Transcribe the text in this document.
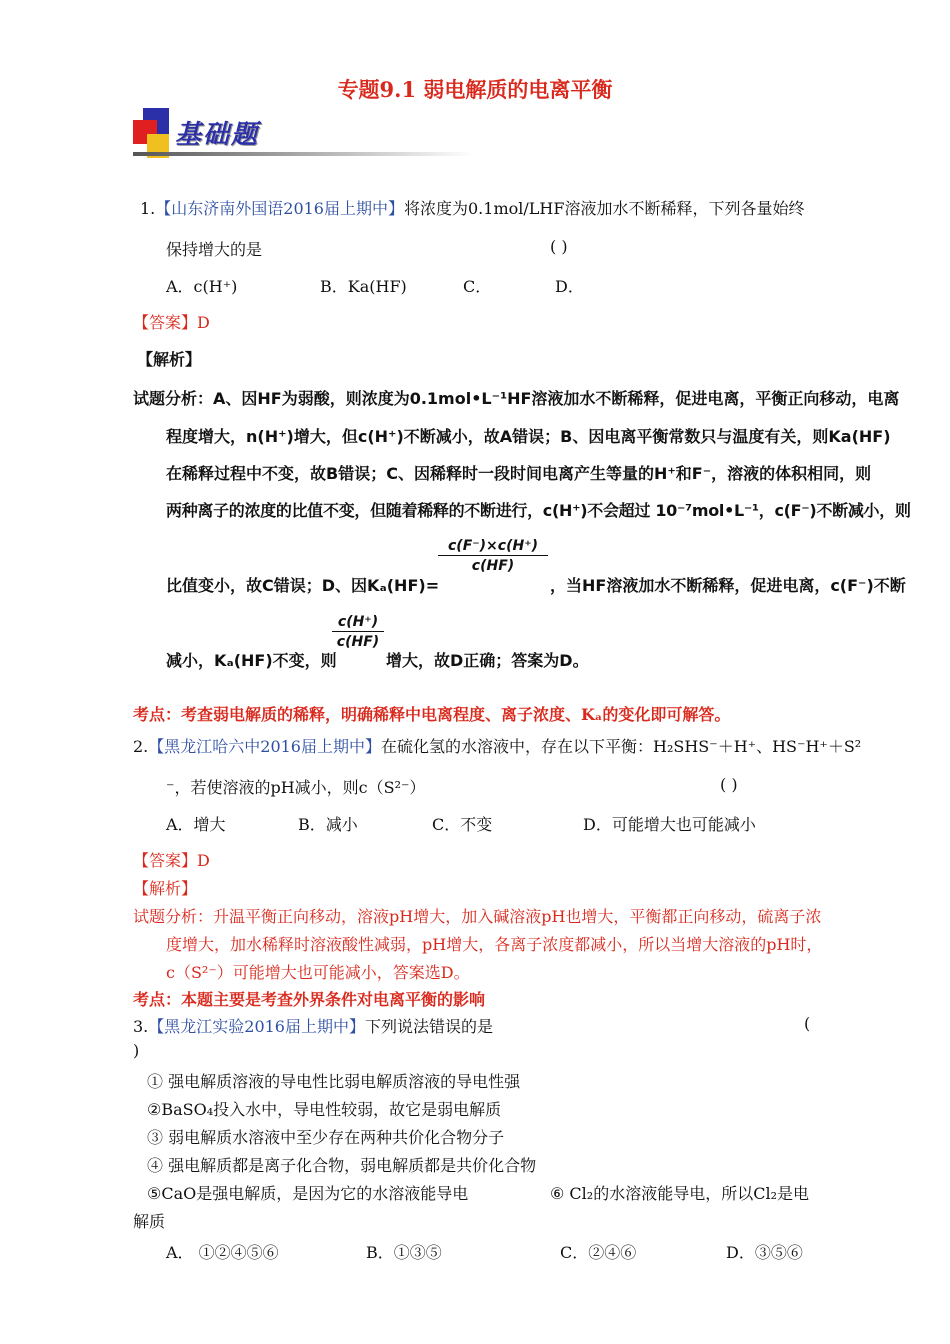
专题9.1 弱电解质的电离平衡
基础题
1.【山东济南外国语2016届上期中】将浓度为0.1mol/LHF溶液加水不断稀释，下列各量始终
保持增大的是	( )
A．c(H⁺)	B．Ka(HF)	C．	D．
【答案】D
【解析】
试题分析：A、因HF为弱酸，则浓度为0.1mol•L⁻¹HF溶液加水不断稀释，促进电离，平衡正向移动，电离
程度增大，n(H⁺)增大，但c(H⁺)不断减小，故A错误；B、因电离平衡常数只与温度有关，则Ka(HF)
在稀释过程中不变，故B错误；C、因稀释时一段时间电离产生等量的H⁺和F⁻，溶液的体积相同，则
两种离子的浓度的比值不变，但随着稀释的不断进行，c(H⁺)不会超过 10⁻⁷mol•L⁻¹，c(F⁻)不断减小，则
$\frac{c(F^-)\times c(H^+)}{c(HF)}$
比值变小，故C错误；D、因Kₐ(HF)=	，当HF溶液加水不断稀释，促进电离，c(F⁻)不断
$\frac{c(H^+)}{c(HF)}$
减小，Kₐ(HF)不变，则	增大，故D正确；答案为D。
考点：考查弱电解质的稀释，明确稀释中电离程度、离子浓度、Kₐ的变化即可解答。
2.【黑龙江哈六中2016届上期中】在硫化氢的水溶液中，存在以下平衡：H₂SHS⁻＋H⁺、HS⁻H⁺＋S²
⁻，若使溶液的pH减小，则c（S²⁻）	( )
A．增大	B．减小	C．不变	D．可能增大也可能减小
【答案】D
【解析】
试题分析：升温平衡正向移动，溶液pH增大，加入碱溶液pH也增大，平衡都正向移动，硫离子浓
度增大，加水稀释时溶液酸性减弱，pH增大，各离子浓度都减小，所以当增大溶液的pH时，
c（S²⁻）可能增大也可能减小，答案选D。
考点：本题主要是考查外界条件对电离平衡的影响
3.【黑龙江实验2016届上期中】下列说法错误的是	(
)
① 强电解质溶液的导电性比弱电解质溶液的导电性强
②BaSO₄投入水中，导电性较弱，故它是弱电解质
③ 弱电解质水溶液中至少存在两种共价化合物分子
④ 强电解质都是离子化合物，弱电解质都是共价化合物
⑤CaO是强电解质，是因为它的水溶液能导电	⑥ Cl₂的水溶液能导电，所以Cl₂是电
解质
A． ①②④⑤⑥	B．①③⑤	C．②④⑥	D．③⑤⑥
